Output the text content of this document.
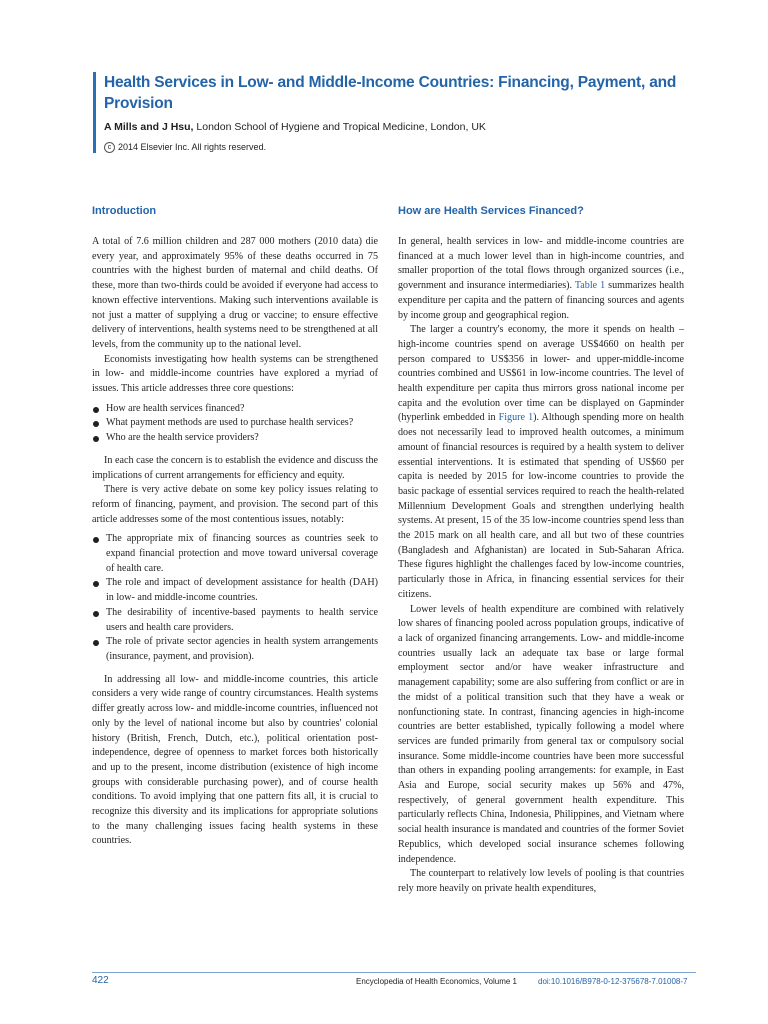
Health Services in Low- and Middle-Income Countries: Financing, Payment, and Provision
A Mills and J Hsu, London School of Hygiene and Tropical Medicine, London, UK
c 2014 Elsevier Inc. All rights reserved.
Introduction

A total of 7.6 million children and 287 000 mothers (2010 data) die every year, and approximately 95% of these deaths occurred in 75 countries with the highest burden of maternal and child deaths. Of these, more than two-thirds could be avoided if everyone had access to known effective interventions. Making such interventions available is not just a matter of supplying a drug or vaccine; to ensure effective delivery of interventions, health systems need to be strengthened at all levels, from the community up to the national level.

Economists investigating how health systems can be strengthened in low- and middle-income countries have explored a myriad of issues. This article addresses three core questions:

How are health services financed?
What payment methods are used to purchase health services?
Who are the health service providers?

In each case the concern is to establish the evidence and discuss the implications of current arrangements for efficiency and equity.

There is very active debate on some key policy issues relating to reform of financing, payment, and provision. The second part of this article addresses some of the most contentious issues, notably:

The appropriate mix of financing sources as countries seek to expand financial protection and move toward universal coverage of health care.
The role and impact of development assistance for health (DAH) in low- and middle-income countries.
The desirability of incentive-based payments to health service users and health care providers.
The role of private sector agencies in health system arrangements (insurance, payment, and provision).

In addressing all low- and middle-income countries, this article considers a very wide range of country circumstances. Health systems differ greatly across low- and middle-income countries, influenced not only by the level of national income but also by countries' colonial history (British, French, Dutch, etc.), political orientation post-independence, degree of openness to market forces both historically and up to the present, income distribution (existence of high income groups with considerable purchasing power), and of course health conditions. To avoid implying that one pattern fits all, it is crucial to recognize this diversity and its implications for appropriate solutions to the many challenging issues facing health systems in these countries.

How are Health Services Financed?

In general, health services in low- and middle-income countries are financed at a much lower level than in high-income countries, and smaller proportion of the total flows through organized sources (i.e., government and insurance intermediaries). Table 1 summarizes health expenditure per capita and the pattern of financing sources and agents by income group and geographical region.

The larger a country's economy, the more it spends on health – high-income countries spend on average US$4660 on health per person compared to US$356 in lower- and upper-middle-income countries combined and US$61 in low-income countries. The level of health expenditure per capita thus mirrors gross national income per capita and the evolution over time can be displayed on Gapminder (hyperlink embedded in Figure 1). Although spending more on health does not necessarily lead to improved health outcomes, a minimum amount of financial resources is required by a health system to deliver essential interventions. It is estimated that spending of US$60 per capita is needed by 2015 for low-income countries to provide the basic package of essential services required to reach the health-related Millennium Development Goals and strengthen underlying health systems. At present, 15 of the 35 low-income countries spend less than the 2015 mark on all health care, and all but two of these countries (Bangladesh and Afghanistan) are located in Sub-Saharan Africa. These figures highlight the challenges faced by low-income countries, particularly those in Africa, in financing essential services for their citizens.

Lower levels of health expenditure are combined with relatively low shares of financing pooled across population groups, indicative of a lack of organized financing arrangements. Low- and middle-income countries usually lack an adequate tax base or large formal employment sector and/or have weaker infrastructure and management capability; some are also suffering from conflict or are in the midst of a political transition such that they have a weak or nonfunctioning state. In contrast, financing agencies in high-income countries are better established, typically following a model where services are funded primarily from general tax or compulsory social insurance. Some middle-income countries have been more successful than others in expanding pooling arrangements: for example, in East Asia and Europe, social security makes up 56% and 47%, respectively, of general government health expenditure. This particularly reflects China, Indonesia, Philippines, and Vietnam where social health insurance is mandated and countries of the former Soviet Republics, which developed social insurance schemes following independence.

The counterpart to relatively low levels of pooling is that countries rely more heavily on private health expenditures,

422	Encyclopedia of Health Economics, Volume 1	doi:10.1016/B978-0-12-375678-7.01008-7
